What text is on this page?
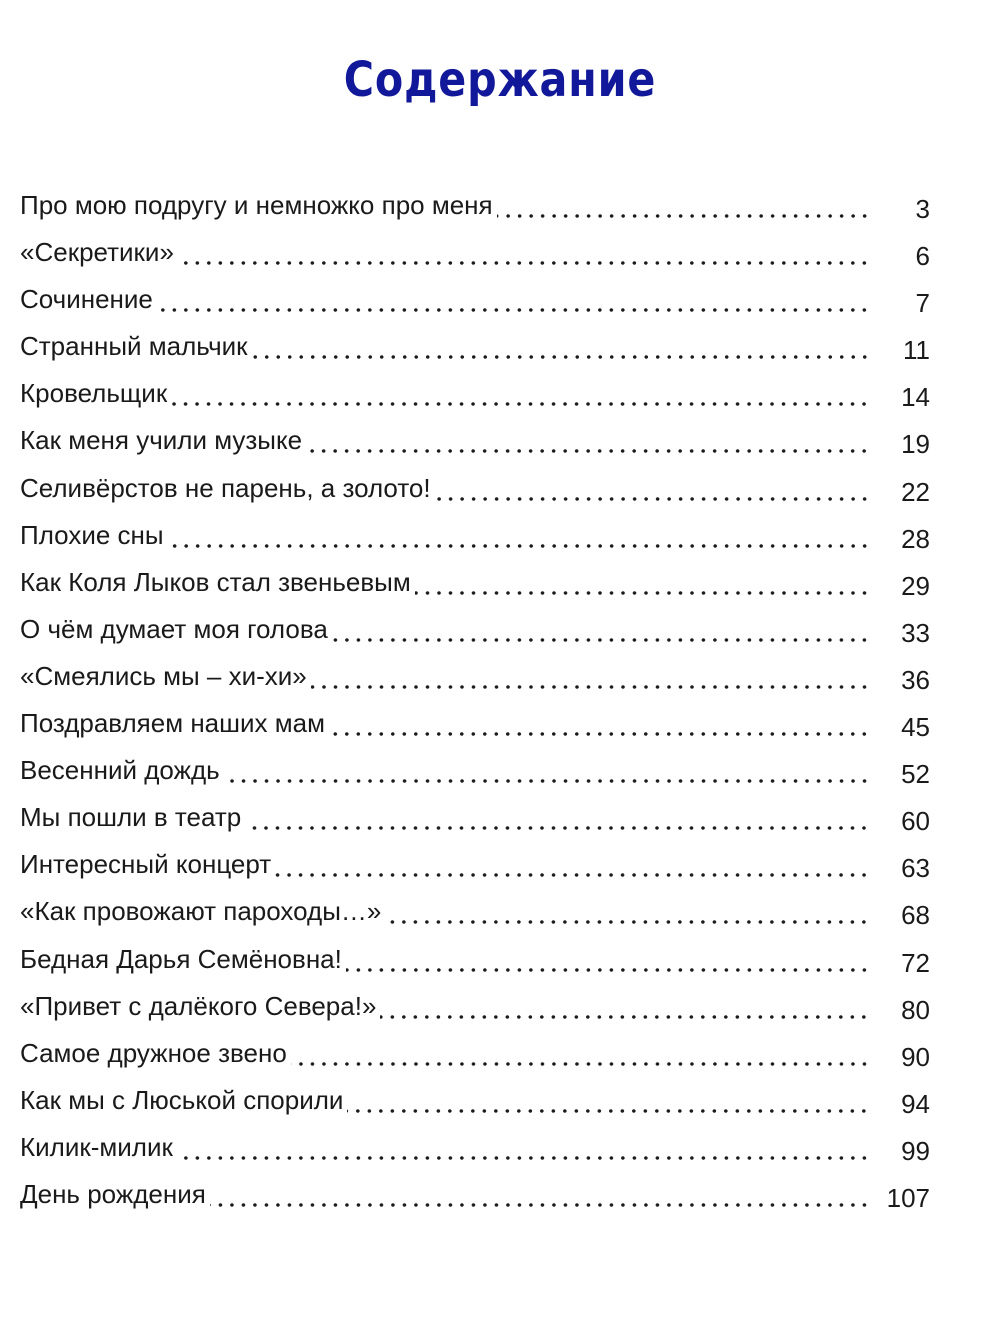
Содержание
Про мою подругу и немножко про меня	3
«Секретики»	6
Сочинение	7
Странный мальчик	11
Кровельщик	14
Как меня учили музыке	19
Селивёрстов не парень, а золото!	22
Плохие сны	28
Как Коля Лыков стал звеньевым	29
О чём думает моя голова	33
«Смеялись мы – хи-хи»	36
Поздравляем наших мам	45
Весенний дождь	52
Мы пошли в театр	60
Интересный концерт	63
«Как провожают пароходы…»	68
Бедная Дарья Семёновна!	72
«Привет с далёкого Севера!»	80
Самое дружное звено	90
Как мы с Люськой спорили	94
Килик-милик	99
День рождения	107
